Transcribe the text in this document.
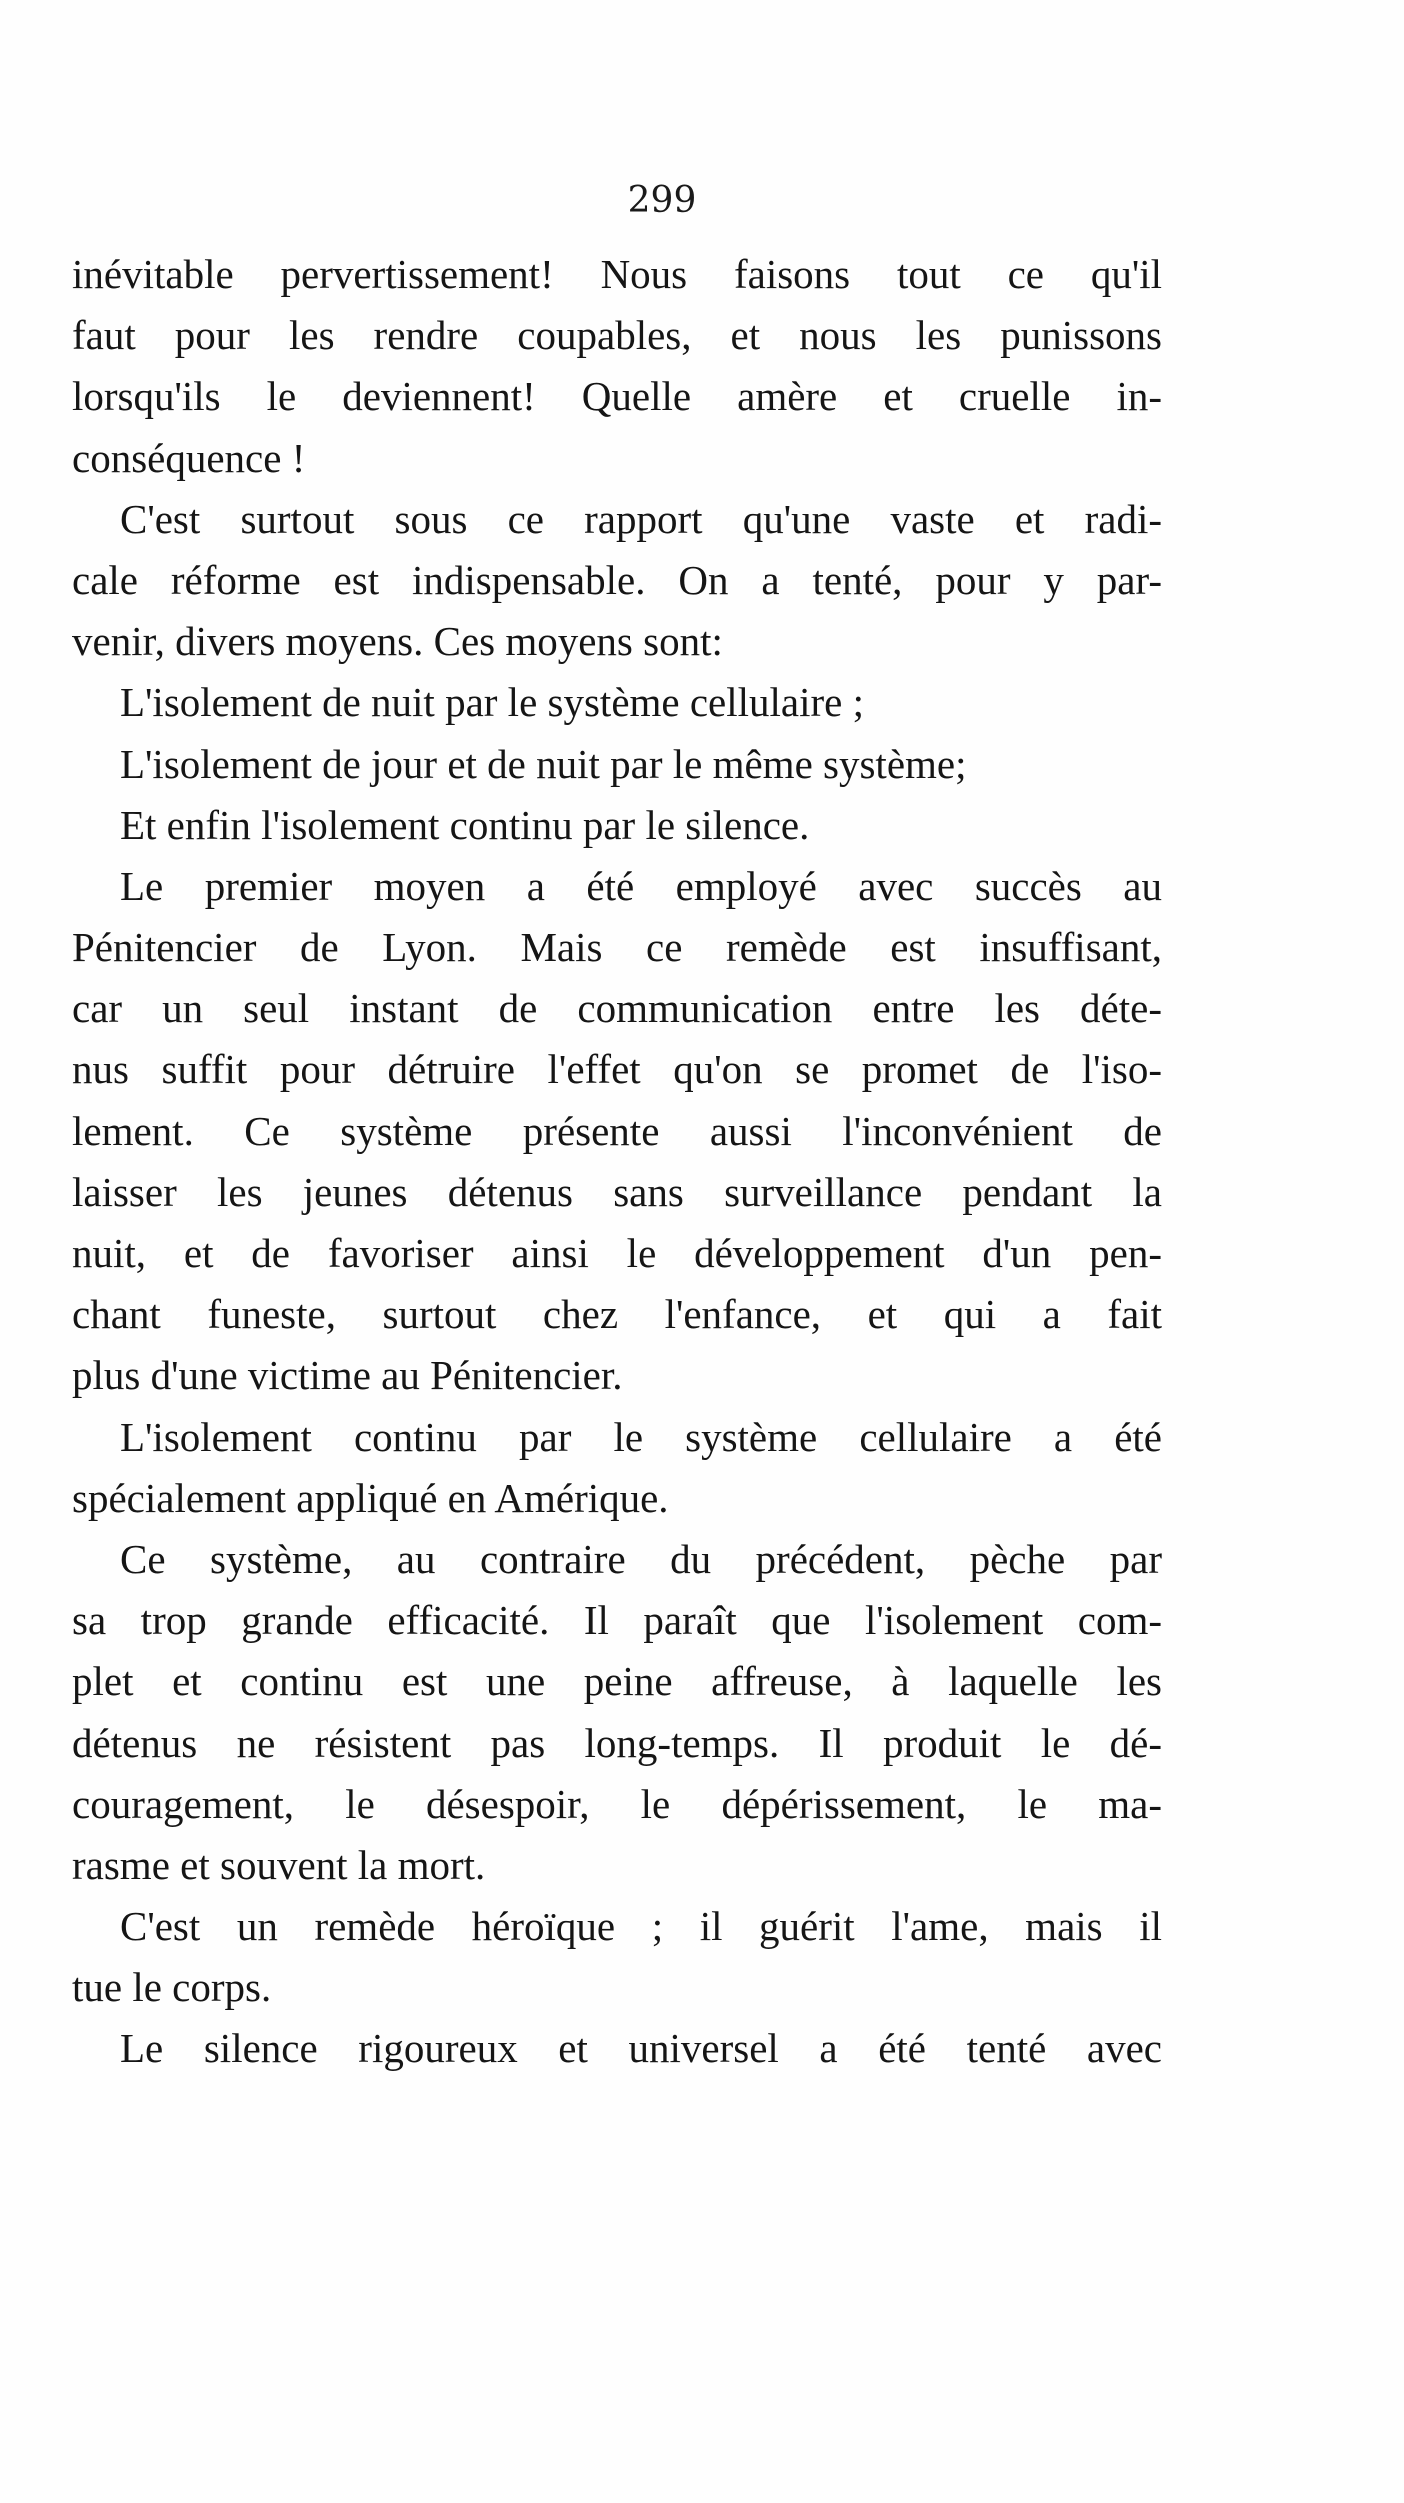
299
inévitable pervertissement! Nous faisons tout ce qu'il
faut pour les rendre coupables, et nous les punissons
lorsqu'ils le deviennent! Quelle amère et cruelle in-
conséquence !
C'est surtout sous ce rapport qu'une vaste et radi-
cale réforme est indispensable. On a tenté, pour y par-
venir, divers moyens. Ces moyens sont:
L'isolement de nuit par le système cellulaire ;
L'isolement de jour et de nuit par le même système;
Et enfin l'isolement continu par le silence.
Le premier moyen a été employé avec succès au
Pénitencier de Lyon. Mais ce remède est insuffisant,
car un seul instant de communication entre les déte-
nus suffit pour détruire l'effet qu'on se promet de l'iso-
lement. Ce système présente aussi l'inconvénient de
laisser les jeunes détenus sans surveillance pendant la
nuit, et de favoriser ainsi le développement d'un pen-
chant funeste, surtout chez l'enfance, et qui a fait
plus d'une victime au Pénitencier.
L'isolement continu par le système cellulaire a été
spécialement appliqué en Amérique.
Ce système, au contraire du précédent, pèche par
sa trop grande efficacité. Il paraît que l'isolement com-
plet et continu est une peine affreuse, à laquelle les
détenus ne résistent pas long-temps. Il produit le dé-
couragement, le désespoir, le dépérissement, le ma-
rasme et souvent la mort.
C'est un remède héroïque ; il guérit l'ame, mais il
tue le corps.
Le silence rigoureux et universel a été tenté avec
